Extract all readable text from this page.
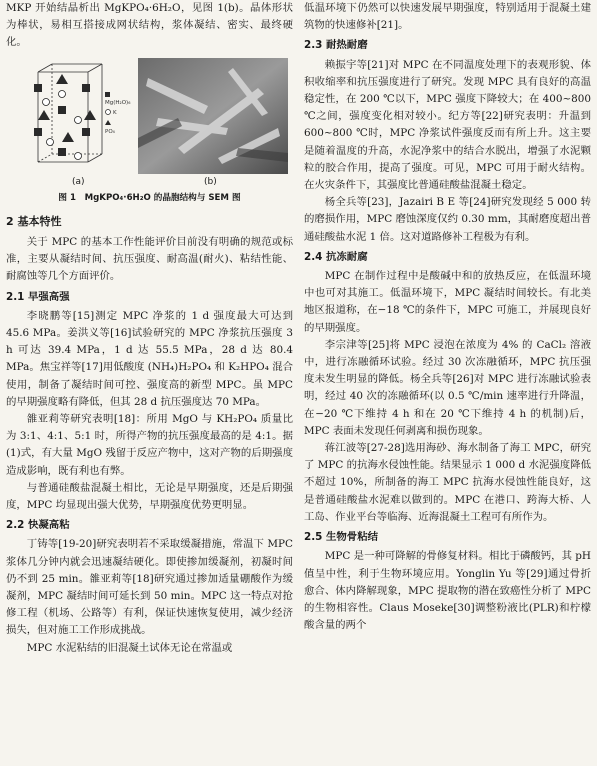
MKP 开始结晶析出 MgKPO₄·6H₂O，见图 1(b)。晶体形状为棒状，易相互搭接成网状结构，浆体凝结、密实、最终硬化。

Mg(H₂O)₆
K
PO₄
(a)	(b)
图 1　MgKPO₄·6H₂O 的晶胞结构与 SEM 图
2 基本特性

关于 MPC 的基本工作性能评价目前没有明确的规范或标准，主要从凝结时间、抗压强度、耐高温(耐火)、粘结性能、耐腐蚀等几个方面评价。

2.1 早强高强

李晓鹏等[15]测定 MPC 净浆的 1 d 强度最大可达到 45.6 MPa。姜洪义等[16]试验研究的 MPC 净浆抗压强度 3 h 可达 39.4 MPa，1 d 达 55.5 MPa，28 d 达 80.4 MPa。焦宝祥等[17]用低酸度 (NH₄)H₂PO₄ 和 K₂HPO₄ 混合使用，制备了凝结时间可控、强度高的新型 MPC。虽 MPC 的早期强度略有降低，但其 28 d 抗压强度达 70 MPa。

雒亚莉等研究表明[18]：所用 MgO 与 KH₂PO₄ 质量比为 3:1、4:1、5:1 时，所得产物的抗压强度最高的是 4:1。据(1)式，有大量 MgO 残留于反应产物中，这对产物的后期强度造成影响，既有利也有弊。

与普通硅酸盐混凝土相比，无论是早期强度，还是后期强度，MPC 均显现出强大优势，早期强度优势更明显。

2.2 快凝高粘

丁铸等[19-20]研究表明若不采取缓凝措施，常温下 MPC 浆体几分钟内就会迅速凝结硬化。即使掺加缓凝剂，初凝时间仍不到 25 min。雒亚莉等[18]研究通过掺加适量硼酸作为缓凝剂，MPC 凝结时间可延长到 50 min。MPC 这一特点对抢修工程（机场、公路等）有利，保证快速恢复使用，减少经济损失，但对施工工作形成挑战。

MPC 水泥粘结的旧混凝土试体无论在常温或

低温环境下仍然可以快速发展早期强度，特别适用于混凝土建筑物的快速修补[21]。

2.3 耐热耐磨

赖振宇等[21]对 MPC 在不同温度处理下的表观形貌、体积收缩率和抗压强度进行了研究。发现 MPC 具有良好的高温稳定性，在 200 ℃以下，MPC 强度下降较大；在 400~800 ℃之间，强度变化相对较小。纪方等[22]研究表明：升温到 600~800 ℃时，MPC 净浆试件强度反而有所上升。这主要是随着温度的升高，水泥净浆中的结合水脱出，增强了水泥颗粒的胶合作用，提高了强度。可见，MPC 可用于耐火结构。在火灾条件下，其强度比普通硅酸盐混凝土稳定。

杨全兵等[23]，Jazairi B E 等[24]研究发现经 5 000 转的磨损作用，MPC 磨蚀深度仅约 0.30 mm，其耐磨度超出普通硅酸盐水泥 1 倍。这对道路修补工程极为有利。

2.4 抗冻耐腐

MPC 在制作过程中是酸碱中和的放热反应，在低温环境中也可对其施工。低温环境下，MPC 凝结时间较长。有北美地区报道称，在−18 ℃的条件下，MPC 可施工，并展现良好的早期强度。

李宗津等[25]将 MPC 浸泡在浓度为 4% 的 CaCl₂ 溶液中，进行冻融循环试验。经过 30 次冻融循环，MPC 抗压强度未发生明显的降低。杨全兵等[26]对 MPC 进行冻融试验表明，经过 40 次的冻融循环(以 0.5 ℃/min 速率进行升降温，在−20 ℃下维持 4 h 和在 20 ℃下维持 4 h 的机制)后，MPC 表面未发现任何剥离和损伤现象。

蒋江波等[27-28]选用海砂、海水制备了海工 MPC，研究了 MPC 的抗海水侵蚀性能。结果显示 1 000 d 水泥强度降低不超过 10%，所制备的海工 MPC 抗海水侵蚀性能良好，这是普通硅酸盐水泥难以做到的。MPC 在港口、跨海大桥、人工岛、作业平台等临海、近海混凝土工程可有所作为。

2.5 生物骨粘结

MPC 是一种可降解的骨修复材料。相比于磷酸钙，其 pH 值呈中性，利于生物环境应用。Yonglin Yu 等[29]通过骨折愈合、体内降解现象，MPC 提取物的潜在致癌性分析了 MPC 的生物相容性。Claus Moseke[30]调整粉液比(PLR)和柠檬酸含量的两个
